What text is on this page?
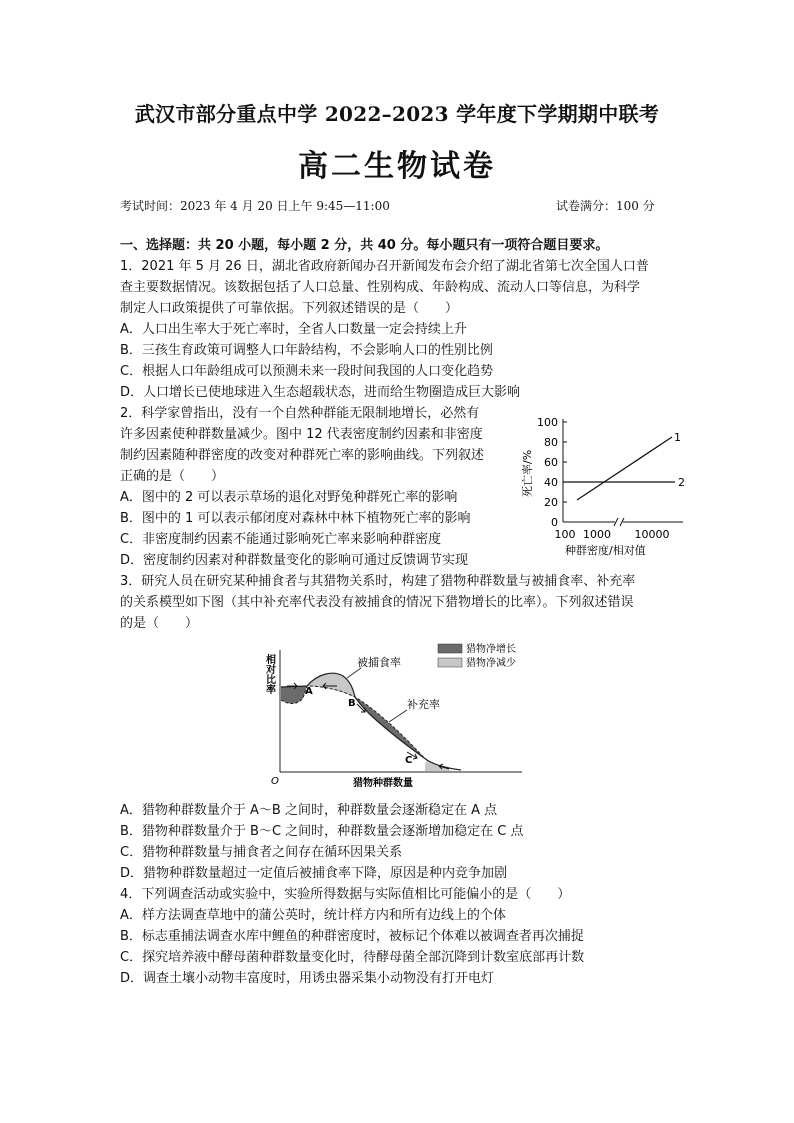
武汉市部分重点中学 2022–2023 学年度下学期期中联考
高二生物试卷
考试时间：2023 年 4 月 20 日上午 9:45—11:00	试卷满分：100 分
一、选择题：共 20 小题，每小题 2 分，共 40 分。每小题只有一项符合题目要求。
1．2021 年 5 月 26 日，湖北省政府新闻办召开新闻发布会介绍了湖北省第七次全国人口普
查主要数据情况。该数据包括了人口总量、性别构成、年龄构成、流动人口等信息，为科学
制定人口政策提供了可靠依据。下列叙述错误的是（　　）
A．人口出生率大于死亡率时，全省人口数量一定会持续上升
B．三孩生育政策可调整人口年龄结构，不会影响人口的性别比例
C．根据人口年龄组成可以预测未来一段时间我国的人口变化趋势
D．人口增长已使地球进入生态超载状态，进而给生物圈造成巨大影响
2．科学家曾指出，没有一个自然种群能无限制地增长，必然有
许多因素使种群数量减少。图中 12 代表密度制约因素和非密度
制约因素随种群密度的改变对种群死亡率的影响曲线。下列叙述
正确的是（　　）
A．图中的 2 可以表示草场的退化对野兔种群死亡率的影响
B．图中的 1 可以表示郁闭度对森林中林下植物死亡率的影响
C．非密度制约因素不能通过影响死亡率来影响种群密度
D．密度制约因素对种群数量变化的影响可通过反馈调节实现
0
20
40
60
80
100
100 1000 10000
1
2
死亡率/%
种群密度/相对值
3．研究人员在研究某种捕食者与其猎物关系时，构建了猎物种群数量与被捕食率、补充率
的关系模型如下图（其中补充率代表没有被捕食的情况下猎物增长的比率）。下列叙述错误
的是（　　）
相对比率
O	猎物种群数量
A
B
C
被捕食率
补充率
猎物净增长
猎物净减少
A．猎物种群数量介于 A～B 之间时，种群数量会逐渐稳定在 A 点
B．猎物种群数量介于 B～C 之间时，种群数量会逐渐增加稳定在 C 点
C．猎物种群数量与捕食者之间存在循环因果关系
D．猎物种群数量超过一定值后被捕食率下降，原因是种内竞争加剧
4．下列调查活动或实验中，实验所得数据与实际值相比可能偏小的是（　　）
A．样方法调查草地中的蒲公英时，统计样方内和所有边线上的个体
B．标志重捕法调查水库中鲤鱼的种群密度时，被标记个体难以被调查者再次捕捉
C．探究培养液中酵母菌种群数量变化时，待酵母菌全部沉降到计数室底部再计数
D．调查土壤小动物丰富度时，用诱虫器采集小动物没有打开电灯
